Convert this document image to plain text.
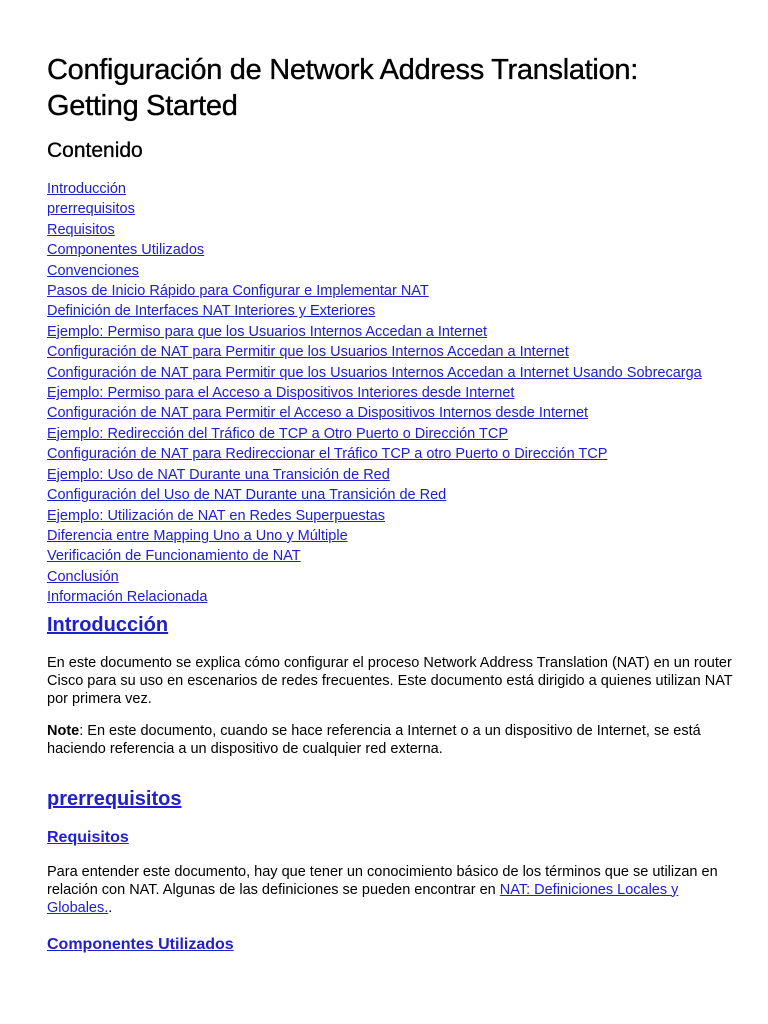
Configuración de Network Address Translation:
Getting Started
Contenido
Introducción
prerrequisitos
Requisitos
Componentes Utilizados
Convenciones
Pasos de Inicio Rápido para Configurar e Implementar NAT
Definición de Interfaces NAT Interiores y Exteriores
Ejemplo: Permiso para que los Usuarios Internos Accedan a Internet
Configuración de NAT para Permitir que los Usuarios Internos Accedan a Internet
Configuración de NAT para Permitir que los Usuarios Internos Accedan a Internet Usando Sobrecarga
Ejemplo: Permiso para el Acceso a Dispositivos Interiores desde Internet
Configuración de NAT para Permitir el Acceso a Dispositivos Internos desde Internet
Ejemplo: Redirección del Tráfico de TCP a Otro Puerto o Dirección TCP
Configuración de NAT para Redireccionar el Tráfico TCP a otro Puerto o Dirección TCP
Ejemplo: Uso de NAT Durante una Transición de Red
Configuración del Uso de NAT Durante una Transición de Red
Ejemplo: Utilización de NAT en Redes Superpuestas
Diferencia entre Mapping Uno a Uno y Múltiple
Verificación de Funcionamiento de NAT
Conclusión
Información Relacionada
Introducción

En este documento se explica cómo configurar el proceso Network Address Translation (NAT) en un router Cisco para su uso en escenarios de redes frecuentes. Este documento está dirigido a quienes utilizan NAT por primera vez.

Note: En este documento, cuando se hace referencia a Internet o a un dispositivo de Internet, se está haciendo referencia a un dispositivo de cualquier red externa.

prerrequisitos
Requisitos

Para entender este documento, hay que tener un conocimiento básico de los términos que se utilizan en relación con NAT. Algunas de las definiciones se pueden encontrar en NAT: Definiciones Locales y Globales..

Componentes Utilizados
